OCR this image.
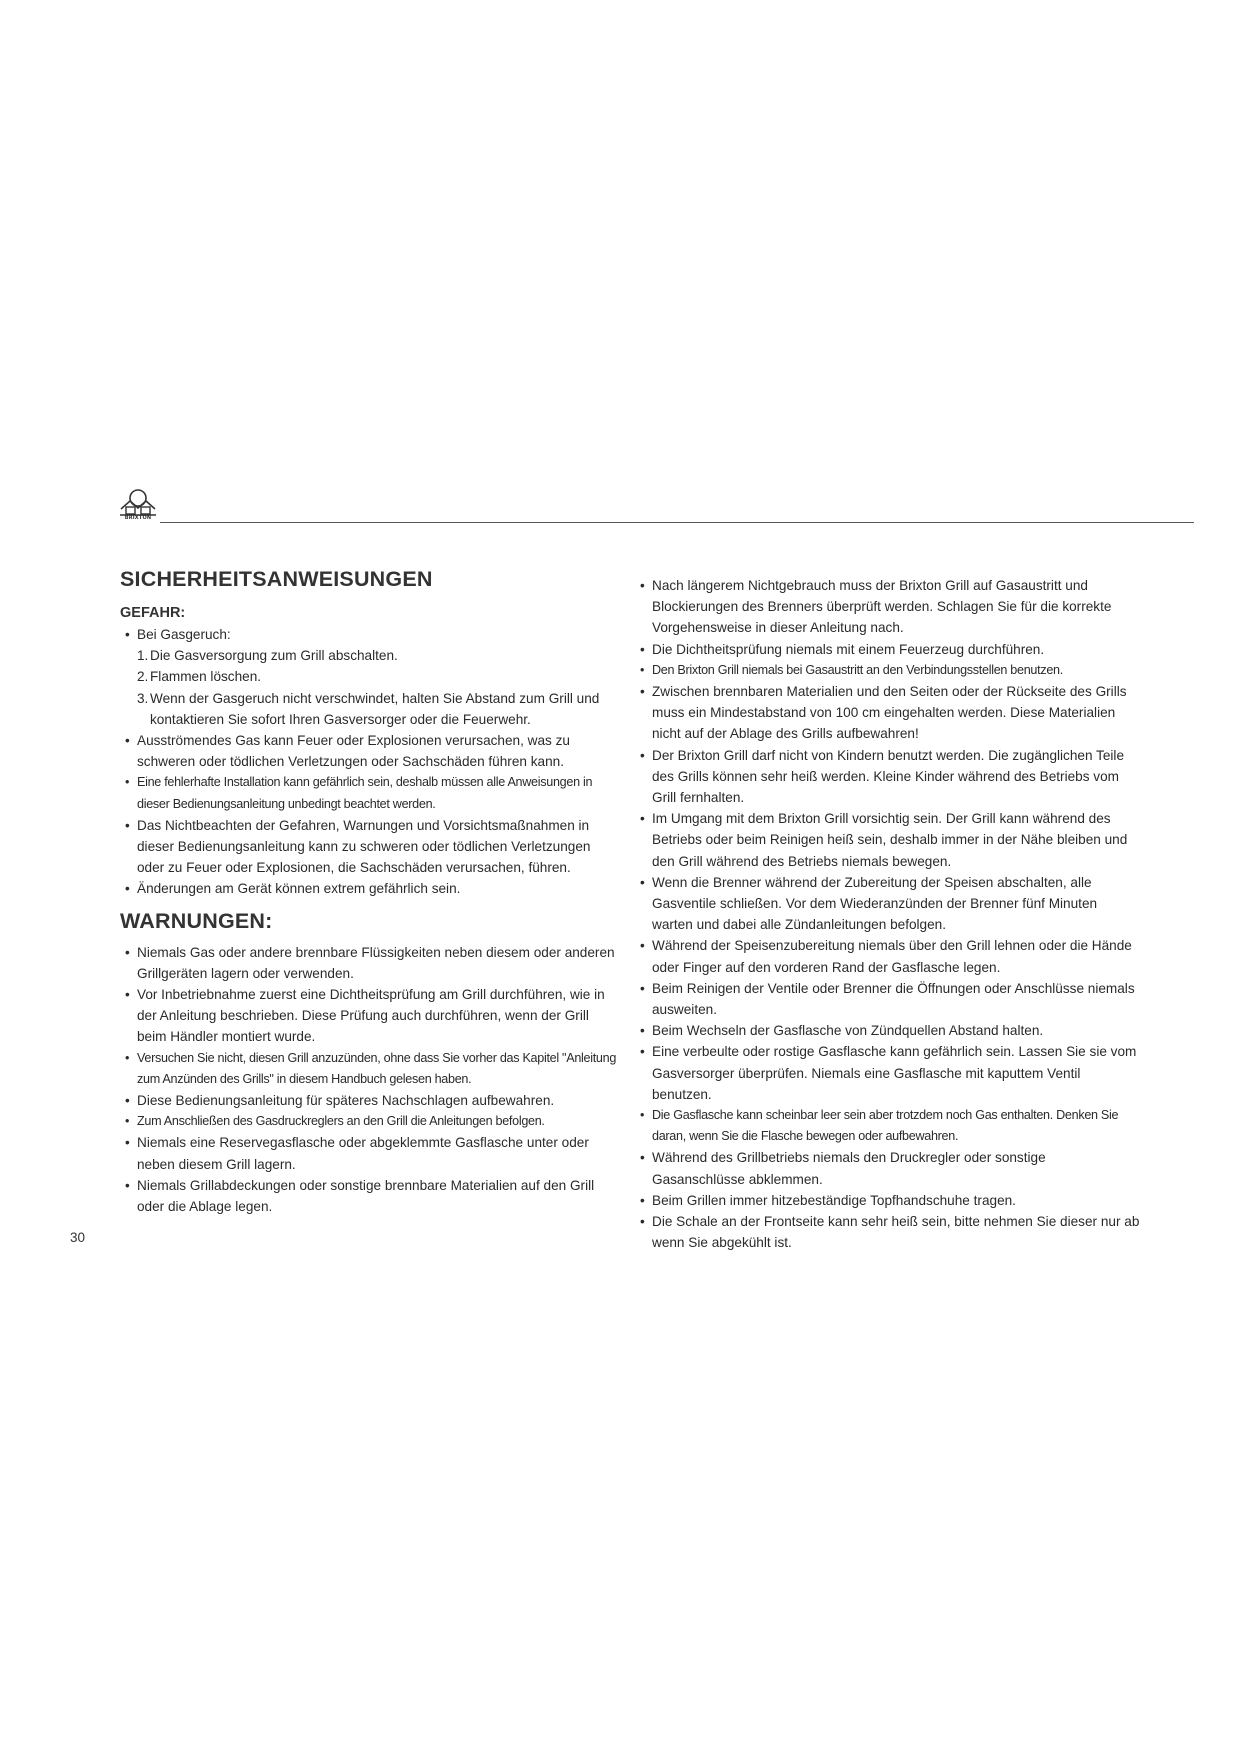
BRIXTON
SICHERHEITSANWEISUNGEN
GEFAHR:
• Bei Gasgeruch:
1. Die Gasversorgung zum Grill abschalten.
2. Flammen löschen.
3. Wenn der Gasgeruch nicht verschwindet, halten Sie Abstand zum Grill und kontaktieren Sie sofort Ihren Gasversorger oder die Feuerwehr.
• Ausströmendes Gas kann Feuer oder Explosionen verursachen, was zu schweren oder tödlichen Verletzungen oder Sachschäden führen kann.
• Eine fehlerhafte Installation kann gefährlich sein, deshalb müssen alle Anweisungen in dieser Bedienungsanleitung unbedingt beachtet werden.
• Das Nichtbeachten der Gefahren, Warnungen und Vorsichtsmaßnahmen in dieser Bedienungsanleitung kann zu schweren oder tödlichen Verletzungen oder zu Feuer oder Explosionen, die Sachschäden verursachen, führen.
• Änderungen am Gerät können extrem gefährlich sein.
WARNUNGEN:
• Niemals Gas oder andere brennbare Flüssigkeiten neben diesem oder anderen Grillgeräten lagern oder verwenden.
• Vor Inbetriebnahme zuerst eine Dichtheitsprüfung am Grill durchführen, wie in der Anleitung beschrieben. Diese Prüfung auch durchführen, wenn der Grill beim Händler montiert wurde.
• Versuchen Sie nicht, diesen Grill anzuzünden, ohne dass Sie vorher das Kapitel "Anleitung zum Anzünden des Grills" in diesem Handbuch gelesen haben.
• Diese Bedienungsanleitung für späteres Nachschlagen aufbewahren.
• Zum Anschließen des Gasdruckreglers an den Grill die Anleitungen befolgen.
• Niemals eine Reservegasflasche oder abgeklemmte Gasflasche unter oder neben diesem Grill lagern.
• Niemals Grillabdeckungen oder sonstige brennbare Materialien auf den Grill oder die Ablage legen.
• Nach längerem Nichtgebrauch muss der Brixton Grill auf Gasaustritt und Blockierungen des Brenners überprüft werden. Schlagen Sie für die korrekte Vorgehensweise in dieser Anleitung nach.
• Die Dichtheitsprüfung niemals mit einem Feuerzeug durchführen.
• Den Brixton Grill niemals bei Gasaustritt an den Verbindungsstellen benutzen.
• Zwischen brennbaren Materialien und den Seiten oder der Rückseite des Grills muss ein Mindestabstand von 100 cm eingehalten werden. Diese Materialien nicht auf der Ablage des Grills aufbewahren!
• Der Brixton Grill darf nicht von Kindern benutzt werden. Die zugänglichen Teile des Grills können sehr heiß werden. Kleine Kinder während des Betriebs vom Grill fernhalten.
• Im Umgang mit dem Brixton Grill vorsichtig sein. Der Grill kann während des Betriebs oder beim Reinigen heiß sein, deshalb immer in der Nähe bleiben und den Grill während des Betriebs niemals bewegen.
• Wenn die Brenner während der Zubereitung der Speisen abschalten, alle Gasventile schließen. Vor dem Wiederanzünden der Brenner fünf Minuten warten und dabei alle Zündanleitungen befolgen.
• Während der Speisenzubereitung niemals über den Grill lehnen oder die Hände oder Finger auf den vorderen Rand der Gasflasche legen.
• Beim Reinigen der Ventile oder Brenner die Öffnungen oder Anschlüsse niemals ausweiten.
• Beim Wechseln der Gasflasche von Zündquellen Abstand halten.
• Eine verbeulte oder rostige Gasflasche kann gefährlich sein. Lassen Sie sie vom Gasversorger überprüfen. Niemals eine Gasflasche mit kaputtem Ventil benutzen.
• Die Gasflasche kann scheinbar leer sein aber trotzdem noch Gas enthalten. Denken Sie daran, wenn Sie die Flasche bewegen oder aufbewahren.
• Während des Grillbetriebs niemals den Druckregler oder sonstige Gasanschlüsse abklemmen.
• Beim Grillen immer hitzebeständige Topfhandschuhe tragen.
• Die Schale an der Frontseite kann sehr heiß sein, bitte nehmen Sie dieser nur ab wenn Sie abgekühlt ist.
30
